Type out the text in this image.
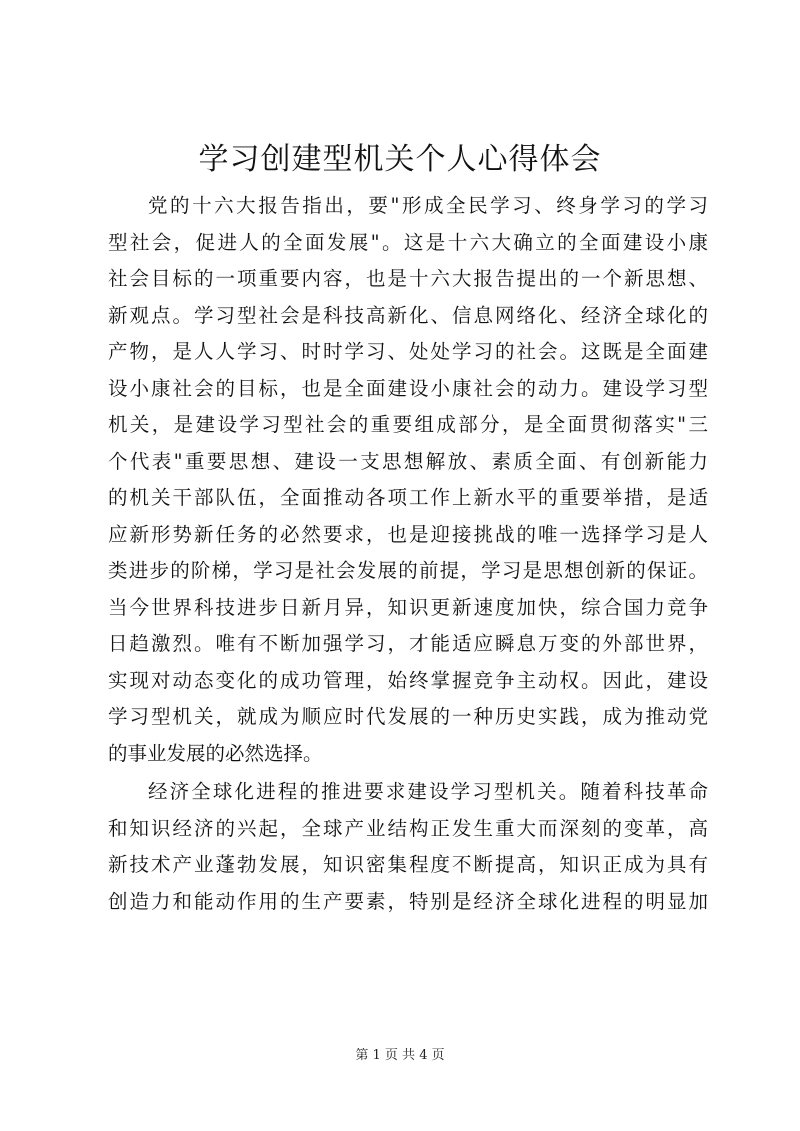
学习创建型机关个人心得体会
党的十六大报告指出，要"形成全民学习、终身学习的学习
型社会，促进人的全面发展"。这是十六大确立的全面建设小康
社会目标的一项重要内容，也是十六大报告提出的一个新思想、
新观点。学习型社会是科技高新化、信息网络化、经济全球化的
产物，是人人学习、时时学习、处处学习的社会。这既是全面建
设小康社会的目标，也是全面建设小康社会的动力。建设学习型
机关，是建设学习型社会的重要组成部分，是全面贯彻落实"三
个代表"重要思想、建设一支思想解放、素质全面、有创新能力
的机关干部队伍，全面推动各项工作上新水平的重要举措，是适
应新形势新任务的必然要求，也是迎接挑战的唯一选择学习是人
类进步的阶梯，学习是社会发展的前提，学习是思想创新的保证。
当今世界科技进步日新月异，知识更新速度加快，综合国力竞争
日趋激烈。唯有不断加强学习，才能适应瞬息万变的外部世界，
实现对动态变化的成功管理，始终掌握竞争主动权。因此，建设
学习型机关，就成为顺应时代发展的一种历史实践，成为推动党
的事业发展的必然选择。
经济全球化进程的推进要求建设学习型机关。随着科技革命
和知识经济的兴起，全球产业结构正发生重大而深刻的变革，高
新技术产业蓬勃发展，知识密集程度不断提高，知识正成为具有
创造力和能动作用的生产要素，特别是经济全球化进程的明显加
第 1 页 共 4 页
